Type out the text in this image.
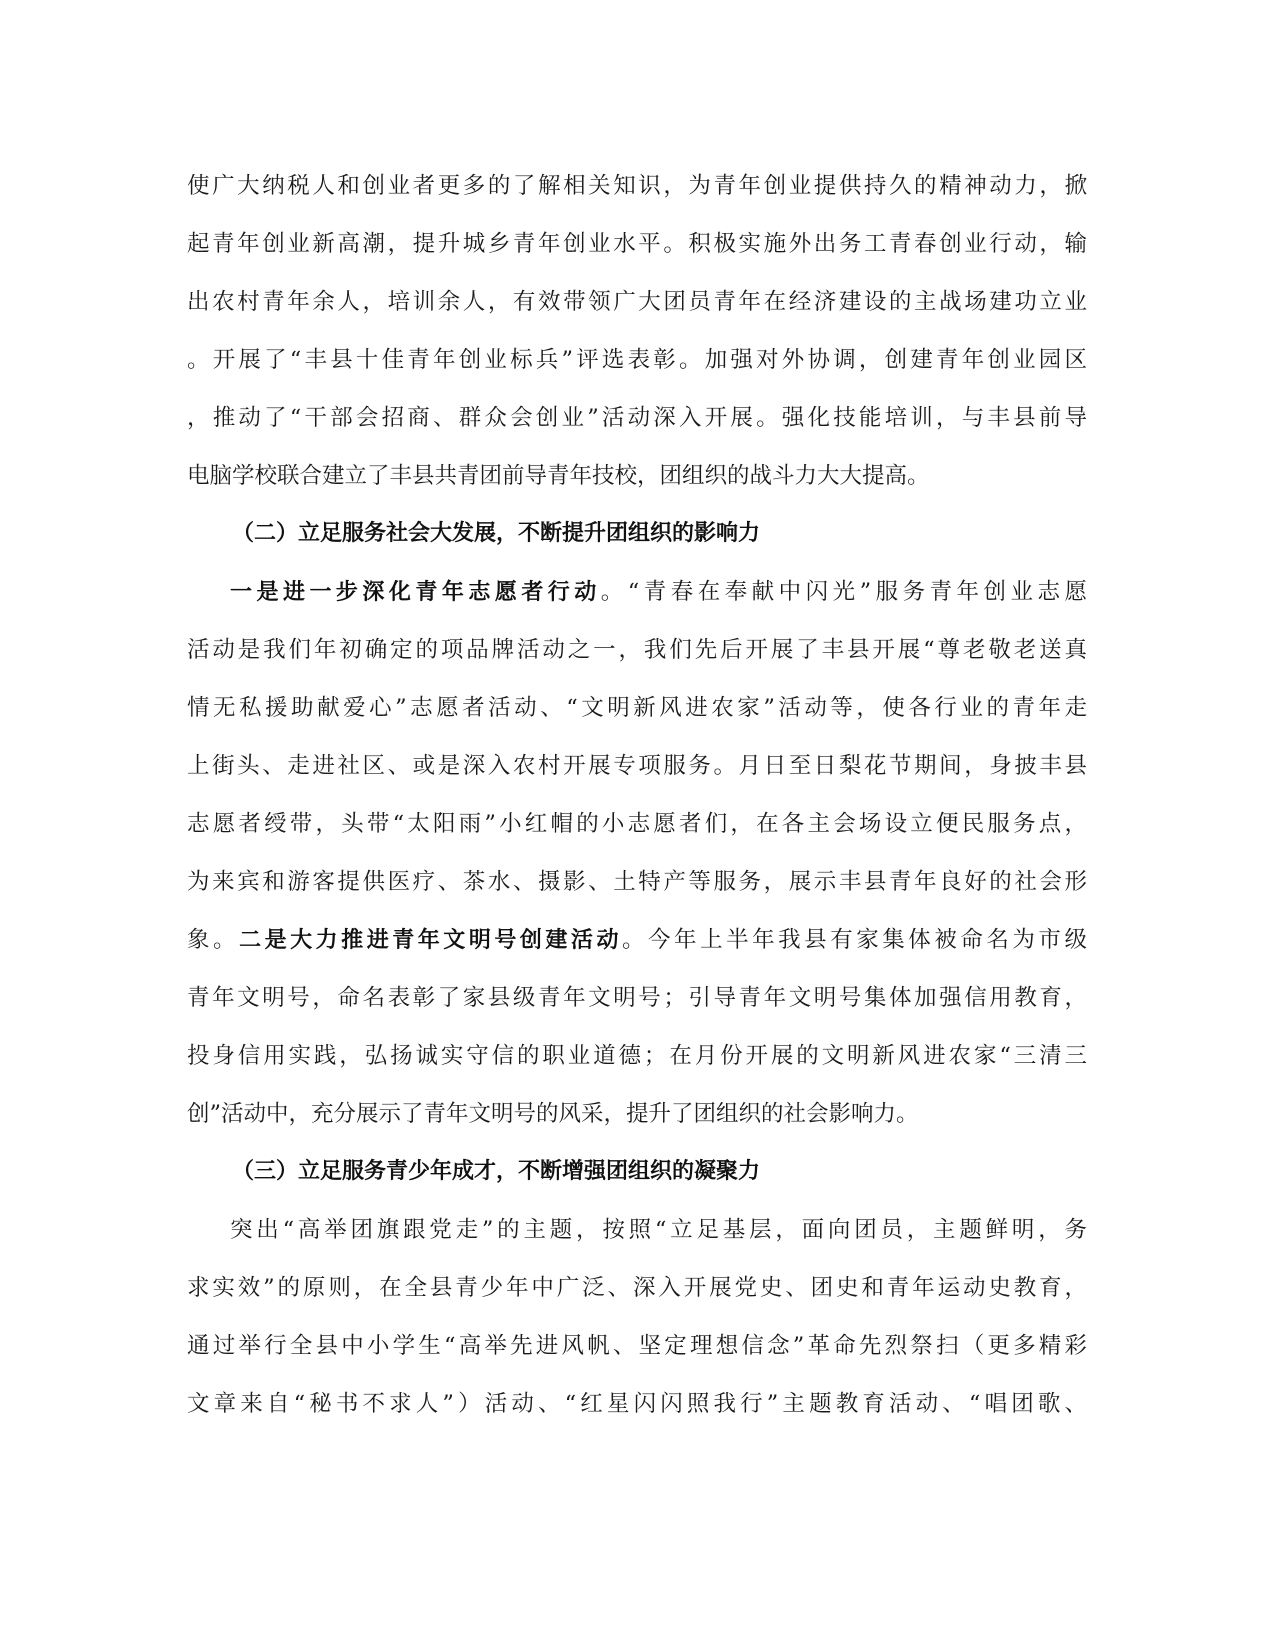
使广大纳税人和创业者更多的了解相关知识，为青年创业提供持久的精神动力，掀
起青年创业新高潮，提升城乡青年创业水平。积极实施外出务工青春创业行动，输
出农村青年余人，培训余人，有效带领广大团员青年在经济建设的主战场建功立业
。开展了“丰县十佳青年创业标兵”评选表彰。加强对外协调，创建青年创业园区
，推动了“干部会招商、群众会创业”活动深入开展。强化技能培训，与丰县前导
电脑学校联合建立了丰县共青团前导青年技校，团组织的战斗力大大提高。
（二）立足服务社会大发展，不断提升团组织的影响力
一是进一步深化青年志愿者行动。“青春在奉献中闪光”服务青年创业志愿
活动是我们年初确定的项品牌活动之一，我们先后开展了丰县开展“尊老敬老送真
情无私援助献爱心”志愿者活动、“文明新风进农家”活动等，使各行业的青年走
上街头、走进社区、或是深入农村开展专项服务。月日至日梨花节期间，身披丰县
志愿者绶带，头带“太阳雨”小红帽的小志愿者们，在各主会场设立便民服务点，
为来宾和游客提供医疗、茶水、摄影、土特产等服务，展示丰县青年良好的社会形
象。二是大力推进青年文明号创建活动。今年上半年我县有家集体被命名为市级
青年文明号，命名表彰了家县级青年文明号；引导青年文明号集体加强信用教育，
投身信用实践，弘扬诚实守信的职业道德；在月份开展的文明新风进农家“三清三
创”活动中，充分展示了青年文明号的风采，提升了团组织的社会影响力。
（三）立足服务青少年成才，不断增强团组织的凝聚力
突出“高举团旗跟党走”的主题，按照“立足基层，面向团员，主题鲜明，务
求实效”的原则，在全县青少年中广泛、深入开展党史、团史和青年运动史教育，
通过举行全县中小学生“高举先进风帆、坚定理想信念”革命先烈祭扫（更多精彩
文章来自“秘书不求人”）活动、“红星闪闪照我行”主题教育活动、“唱团歌、
